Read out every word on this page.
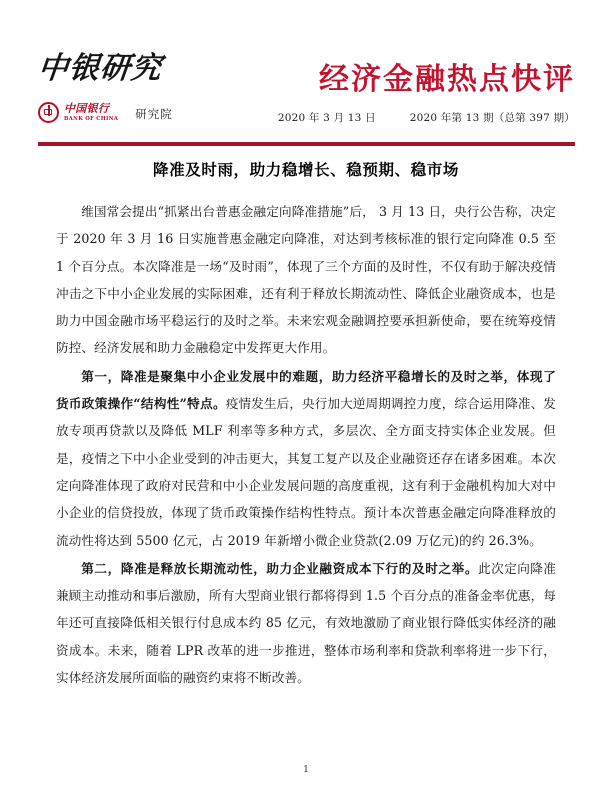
中银研究
中国银行
BANK OF CHINA 研究院
经济金融热点快评
2020 年 3 月 13 日	2020 年第 13 期（总第 397 期）
降准及时雨，助力稳增长、稳预期、稳市场

维国常会提出“抓紧出台普惠金融定向降准措施”后， 3 月 13 日，央行公告称，决定于 2020 年 3 月 16 日实施普惠金融定向降准，对达到考核标准的银行定向降准 0.5 至 1 个百分点。本次降准是一场“及时雨”，体现了三个方面的及时性，不仅有助于解决疫情冲击之下中小企业发展的实际困难，还有利于释放长期流动性、降低企业融资成本，也是助力中国金融市场平稳运行的及时之举。未来宏观金融调控要承担新使命，要在统筹疫情防控、经济发展和助力金融稳定中发挥更大作用。

第一，降准是聚集中小企业发展中的难题，助力经济平稳增长的及时之举，体现了货币政策操作“结构性”特点。疫情发生后，央行加大逆周期调控力度，综合运用降准、发放专项再贷款以及降低 MLF 利率等多种方式，多层次、全方面支持实体企业发展。但是，疫情之下中小企业受到的冲击更大，其复工复产以及企业融资还存在诸多困难。本次定向降准体现了政府对民营和中小企业发展问题的高度重视，这有利于金融机构加大对中小企业的信贷投放，体现了货币政策操作结构性特点。预计本次普惠金融定向降准释放的流动性将达到 5500 亿元，占 2019 年新增小微企业贷款(2.09 万亿元)的约 26.3%。

第二，降准是释放长期流动性，助力企业融资成本下行的及时之举。此次定向降准兼顾主动推动和事后激励，所有大型商业银行都将得到 1.5 个百分点的准备金率优惠，每年还可直接降低相关银行付息成本约 85 亿元，有效地激励了商业银行降低实体经济的融资成本。未来，随着 LPR 改革的进一步推进，整体市场利率和贷款利率将进一步下行，实体经济发展所面临的融资约束将不断改善。

1
